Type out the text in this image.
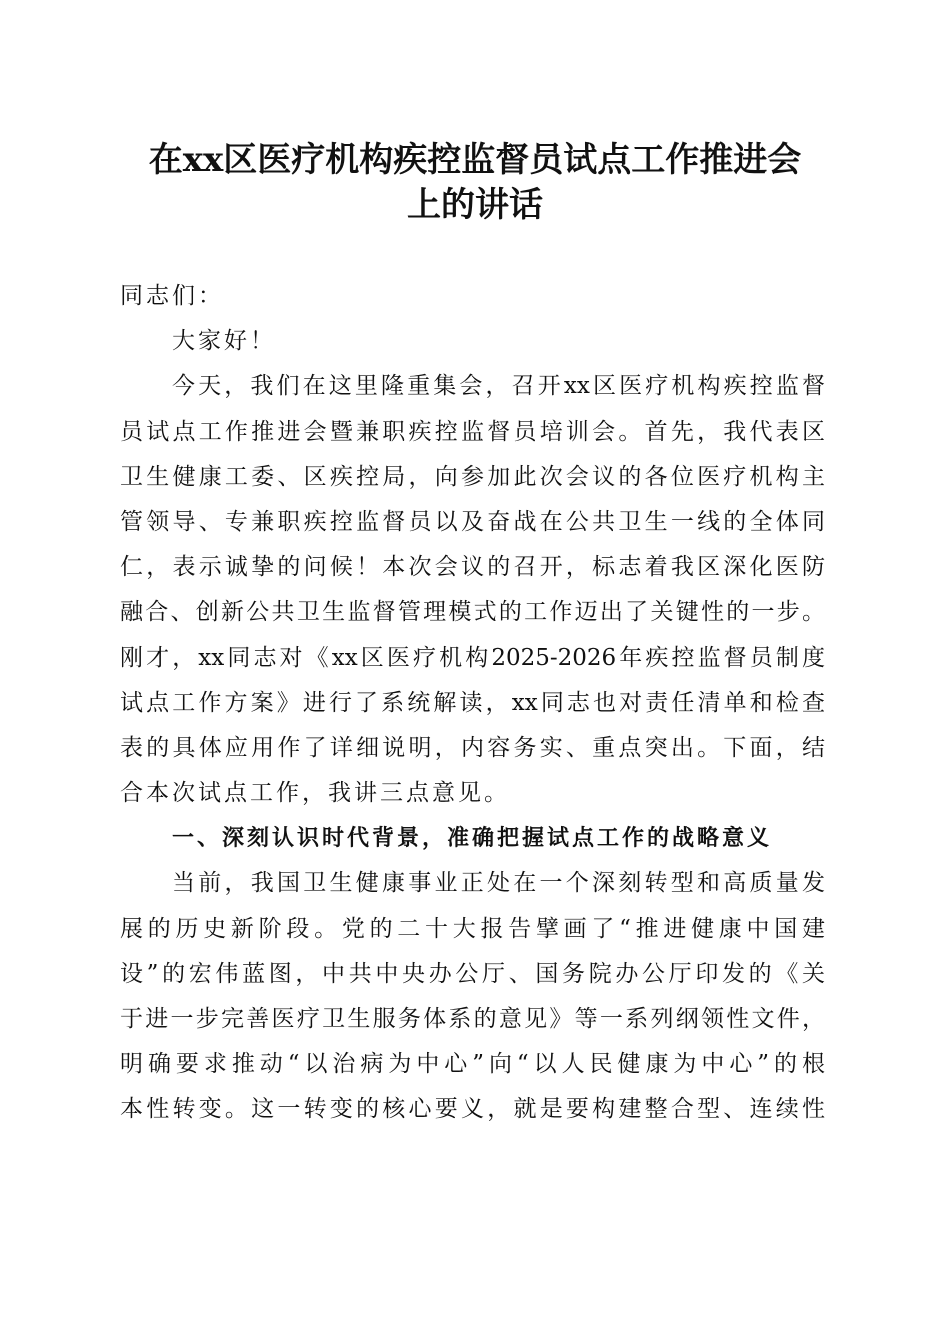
在xx区医疗机构疾控监督员试点工作推进会
上的讲话
同志们：
大家好！
今天，我们在这里隆重集会，召开xx区医疗机构疾控监督
员试点工作推进会暨兼职疾控监督员培训会。首先，我代表区
卫生健康工委、区疾控局，向参加此次会议的各位医疗机构主
管领导、专兼职疾控监督员以及奋战在公共卫生一线的全体同
仁，表示诚挚的问候！本次会议的召开，标志着我区深化医防
融合、创新公共卫生监督管理模式的工作迈出了关键性的一步。
刚才，xx同志对《xx区医疗机构2025-2026年疾控监督员制度
试点工作方案》进行了系统解读，xx同志也对责任清单和检查
表的具体应用作了详细说明，内容务实、重点突出。下面，结
合本次试点工作，我讲三点意见。
一、深刻认识时代背景，准确把握试点工作的战略意义
当前，我国卫生健康事业正处在一个深刻转型和高质量发
展的历史新阶段。党的二十大报告擘画了“推进健康中国建
设”的宏伟蓝图，中共中央办公厅、国务院办公厅印发的《关
于进一步完善医疗卫生服务体系的意见》等一系列纲领性文件，
明确要求推动“以治病为中心”向“以人民健康为中心”的根
本性转变。这一转变的核心要义，就是要构建整合型、连续性
